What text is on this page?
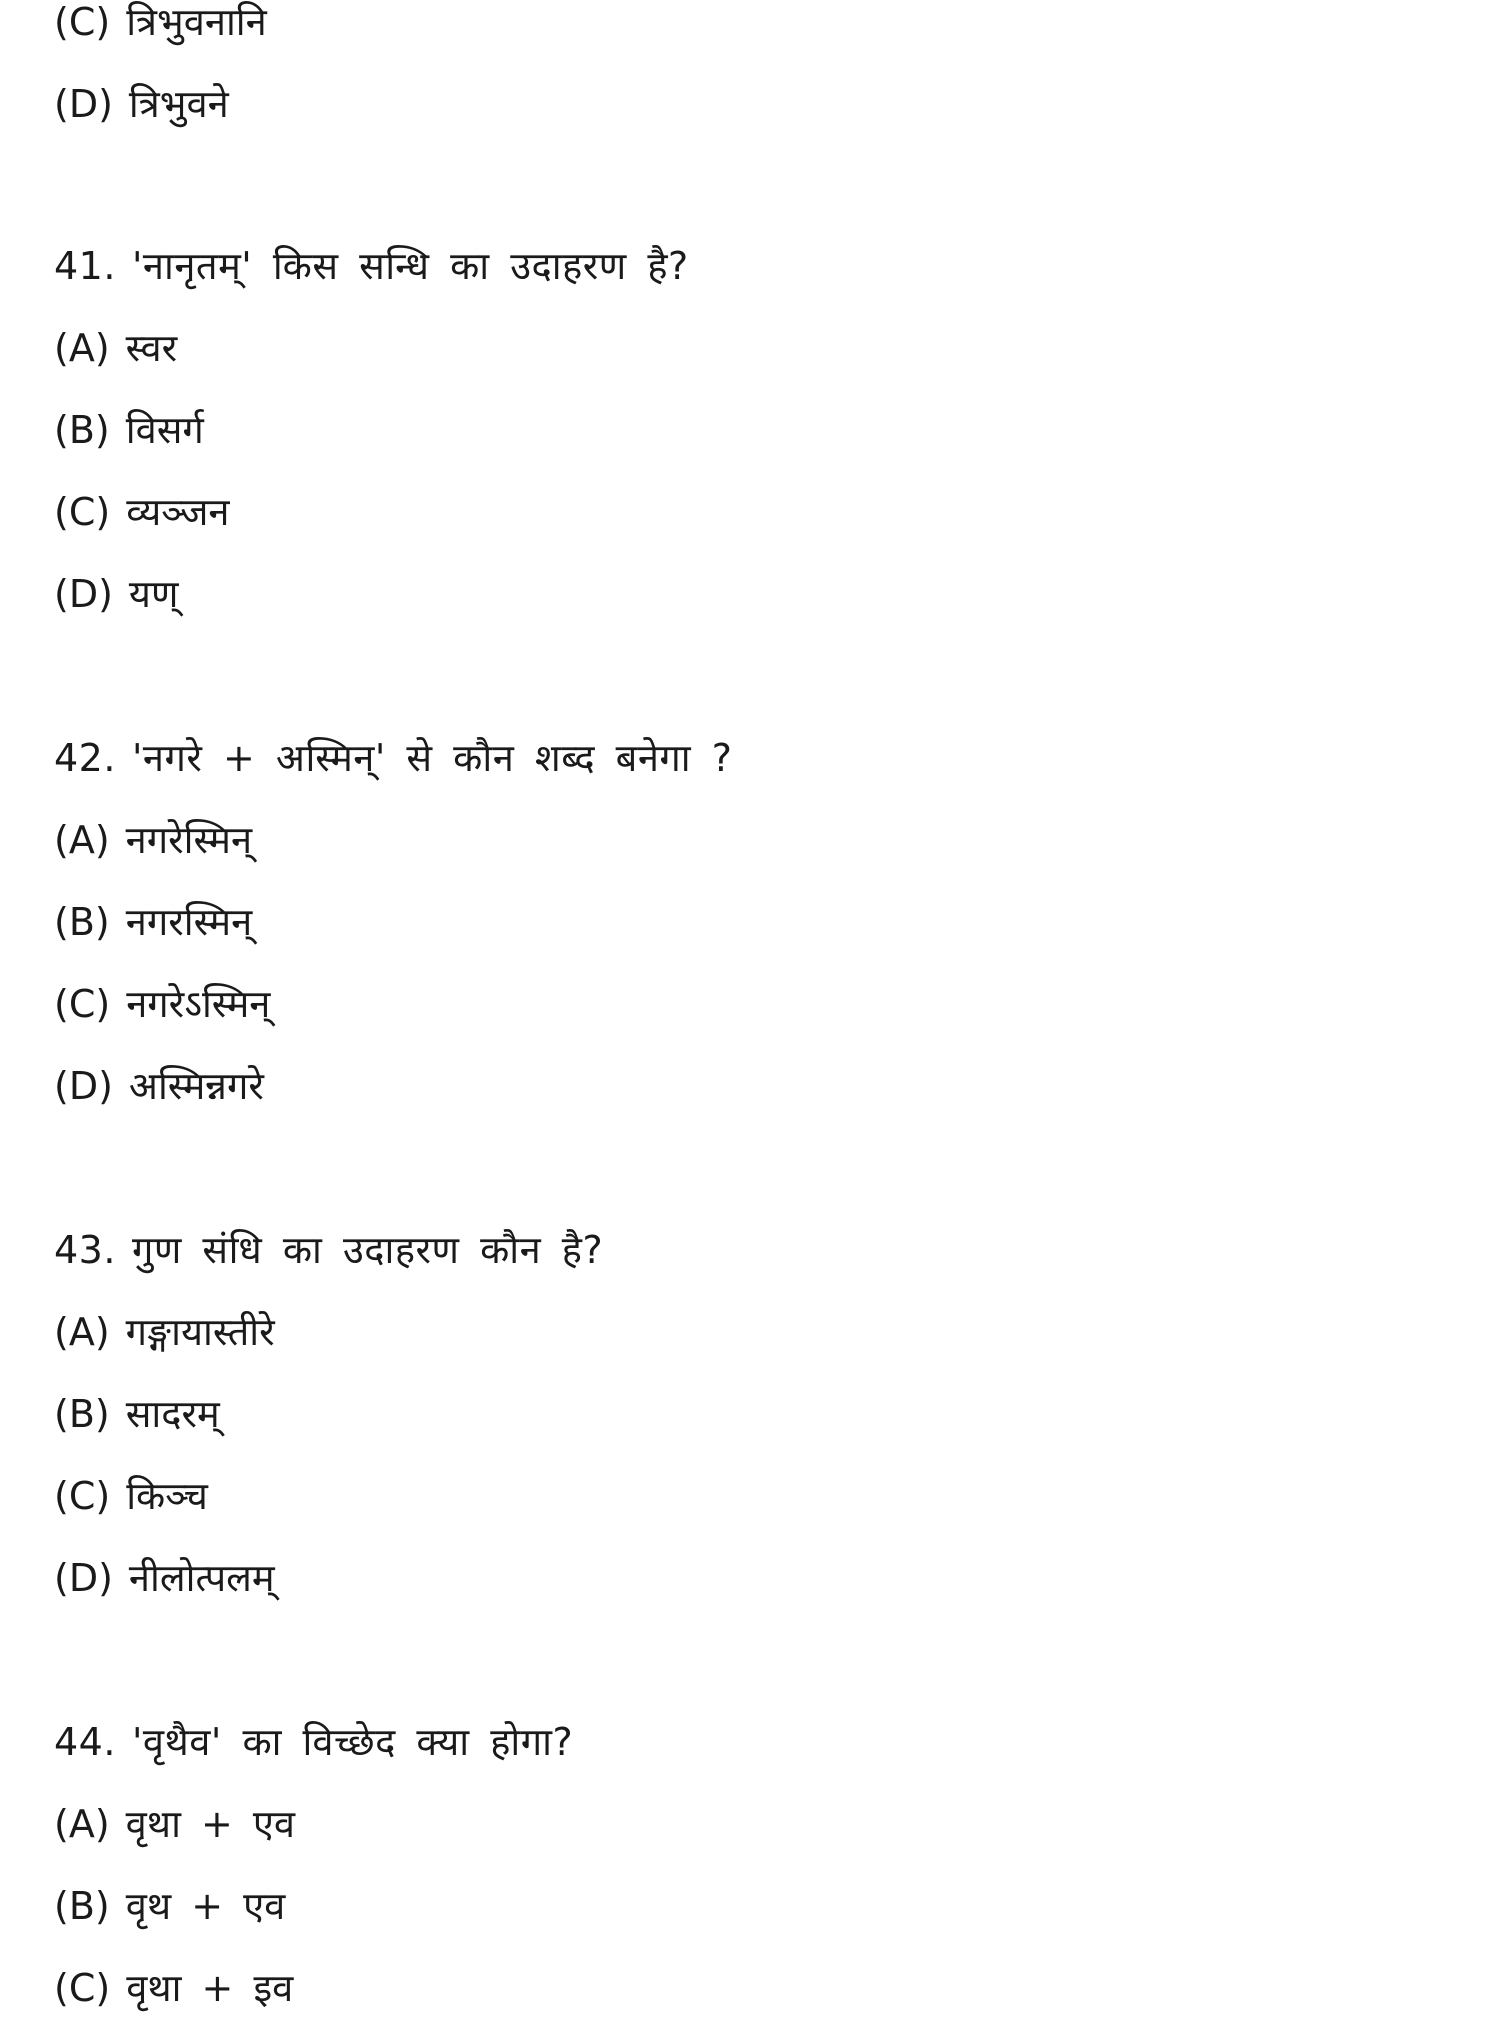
(C) त्रिभुवनानि
(D) त्रिभुवने
41. 'नानृतम्' किस सन्धि का उदाहरण है?
(A) स्वर
(B) विसर्ग
(C) व्यञ्जन
(D) यण्
42. 'नगरे + अस्मिन्' से कौन शब्द बनेगा ?
(A) नगरेस्मिन्
(B) नगरस्मिन्
(C) नगरेऽस्मिन्
(D) अस्मिन्नगरे
43. गुण संधि का उदाहरण कौन है?
(A) गङ्गायास्तीरे
(B) सादरम्
(C) किञ्च
(D) नीलोत्पलम्
44. 'वृथैव' का विच्छेद क्या होगा?
(A) वृथा + एव
(B) वृथ + एव
(C) वृथा + इव
